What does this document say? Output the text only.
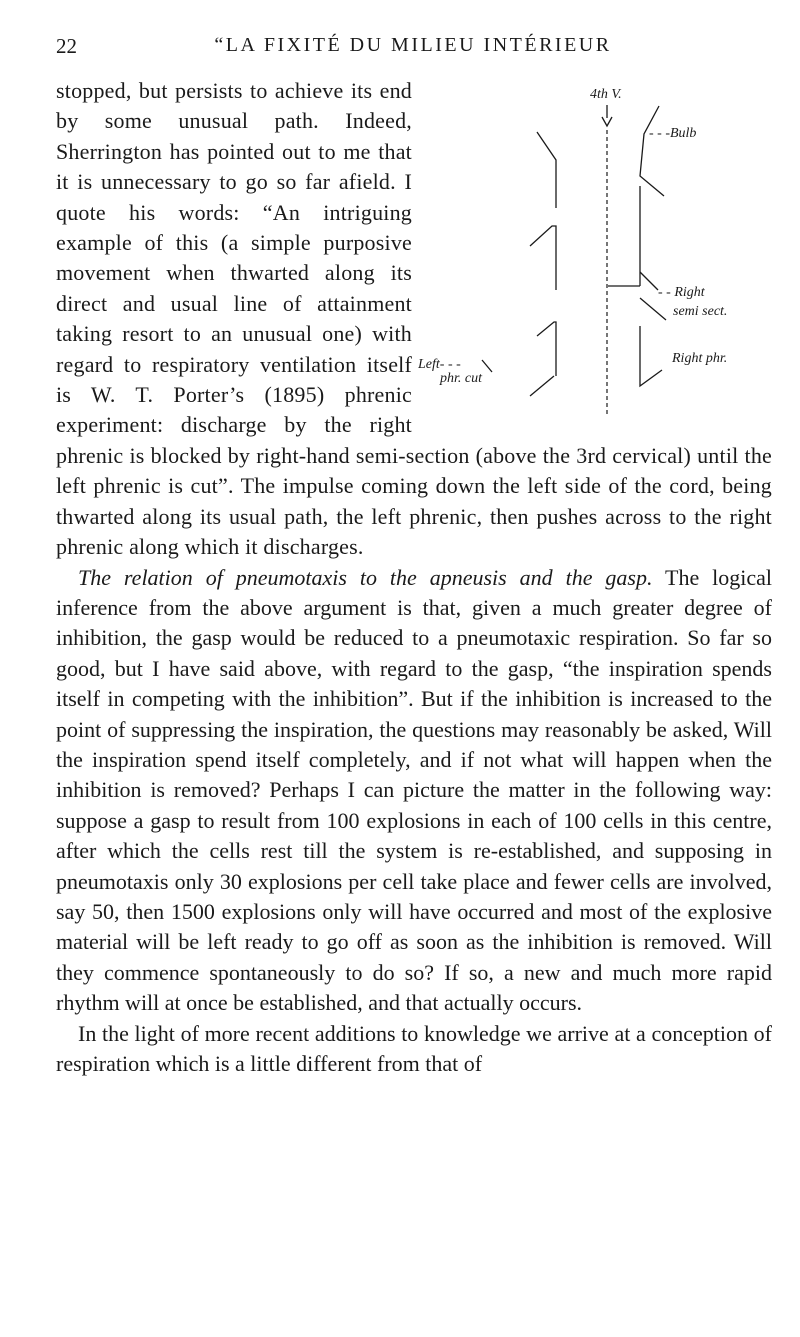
22	“LA FIXITÉ DU MILIEU INTÉRIEUR
4th V.
- - -Bulb
- - Right
semi sect.
Right phr.
Left- - -
phr. cut

stopped, but persists to achieve its end by some unusual path. Indeed, Sherrington has pointed out to me that it is unnecessary to go so far afield. I quote his words: “An intriguing example of this (a simple purposive movement when thwarted along its direct and usual line of attainment taking resort to an unusual one) with regard to respiratory ventilation itself is W. T. Porter’s (1895) phrenic experiment: discharge by the right phrenic is blocked by right-hand semi-section (above the 3rd cervical) until the left phrenic is cut”. The impulse coming down the left side of the cord, being thwarted along its usual path, the left phrenic, then pushes across to the right phrenic along which it discharges.

The relation of pneumotaxis to the apneusis and the gasp. The logical inference from the above argument is that, given a much greater degree of inhibition, the gasp would be reduced to a pneumotaxic respiration. So far so good, but I have said above, with regard to the gasp, “the inspiration spends itself in competing with the inhibition”. But if the inhibition is increased to the point of suppressing the inspiration, the questions may reasonably be asked, Will the inspiration spend itself completely, and if not what will happen when the inhibition is removed? Perhaps I can picture the matter in the following way: suppose a gasp to result from 100 explosions in each of 100 cells in this centre, after which the cells rest till the system is re-established, and supposing in pneumotaxis only 30 explosions per cell take place and fewer cells are involved, say 50, then 1500 explosions only will have occurred and most of the explosive material will be left ready to go off as soon as the inhibition is removed. Will they commence spontaneously to do so? If so, a new and much more rapid rhythm will at once be established, and that actually occurs.

In the light of more recent additions to knowledge we arrive at a conception of respiration which is a little different from that of
